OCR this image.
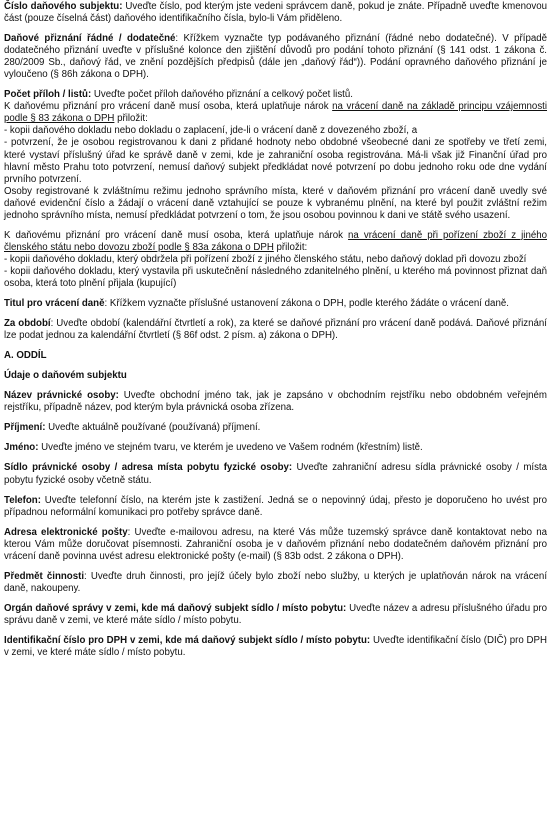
Číslo daňového subjektu: Uveďte číslo, pod kterým jste vedeni správcem daně, pokud je znáte. Případně uveďte kmenovou část (pouze číselná část) daňového identifikačního čísla, bylo-li Vám přiděleno.

Daňové přiznání řádné / dodatečné: Křížkem vyznačte typ podávaného přiznání (řádné nebo dodatečné). V případě dodatečného přiznání uveďte v příslušné kolonce den zjištění důvodů pro podání tohoto přiznání (§ 141 odst. 1 zákona č. 280/2009 Sb., daňový řád, ve znění pozdějších předpisů (dále jen „daňový řád“)). Podání opravného daňového přiznání je vyloučeno (§ 86h zákona o DPH).

Počet příloh / listů: Uveďte počet příloh daňového přiznání a celkový počet listů.

K daňovému přiznání pro vrácení daně musí osoba, která uplatňuje nárok na vrácení daně na základě principu vzájemnosti podle § 83 zákona o DPH přiložit:

- kopii daňového dokladu nebo dokladu o zaplacení, jde-li o vrácení daně z dovezeného zboží, a

- potvrzení, že je osobou registrovanou k dani z přidané hodnoty nebo obdobné všeobecné dani ze spotřeby ve třetí zemi, které vystaví příslušný úřad ke správě daně v zemi, kde je zahraniční osoba registrována. Má-li však již Finanční úřad pro hlavní město Prahu toto potvrzení, nemusí daňový subjekt předkládat nové potvrzení po dobu jednoho roku ode dne vydání prvního potvrzení.

Osoby registrované k zvláštnímu režimu jednoho správního místa, které v daňovém přiznání pro vrácení daně uvedly své daňové evidenční číslo a žádají o vrácení daně vztahující se pouze k vybranému plnění, na které byl použit zvláštní režim jednoho správního místa, nemusí předkládat potvrzení o tom, že jsou osobou povinnou k dani ve státě svého usazení.

K daňovému přiznání pro vrácení daně musí osoba, která uplatňuje nárok na vrácení daně při pořízení zboží z jiného členského státu nebo dovozu zboží podle § 83a zákona o DPH přiložit:

- kopii daňového dokladu, který obdržela při pořízení zboží z jiného členského státu, nebo daňový doklad při dovozu zboží

- kopii daňového dokladu, který vystavila při uskutečnění následného zdanitelného plnění, u kterého má povinnost přiznat daň osoba, která toto plnění přijala (kupující)

Titul pro vrácení daně: Křížkem vyznačte příslušné ustanovení zákona o DPH, podle kterého žádáte o vrácení daně.

Za období: Uveďte období (kalendářní čtvrtletí a rok), za které se daňové přiznání pro vrácení daně podává. Daňové přiznání lze podat jednou za kalendářní čtvrtletí (§ 86f odst. 2 písm. a) zákona o DPH).

A. ODDÍL

Údaje o daňovém subjektu

Název právnické osoby: Uveďte obchodní jméno tak, jak je zapsáno v obchodním rejstříku nebo obdobném veřejném rejstříku, případně název, pod kterým byla právnická osoba zřízena.

Příjmení: Uveďte aktuálně používané (používaná) příjmení.

Jméno: Uveďte jméno ve stejném tvaru, ve kterém je uvedeno ve Vašem rodném (křestním) listě.

Sídlo právnické osoby / adresa místa pobytu fyzické osoby: Uveďte zahraniční adresu sídla právnické osoby / místa pobytu fyzické osoby včetně státu.

Telefon: Uveďte telefonní číslo, na kterém jste k zastižení. Jedná se o nepovinný údaj, přesto je doporučeno ho uvést pro případnou neformální komunikaci pro potřeby správce daně.

Adresa elektronické pošty: Uveďte e-mailovou adresu, na které Vás může tuzemský správce daně kontaktovat nebo na kterou Vám může doručovat písemnosti. Zahraniční osoba je v daňovém přiznání nebo dodatečném daňovém přiznání pro vrácení daně povinna uvést adresu elektronické pošty (e-mail) (§ 83b odst. 2 zákona o DPH).

Předmět činnosti: Uveďte druh činnosti, pro jejíž účely bylo zboží nebo služby, u kterých je uplatňován nárok na vrácení daně, nakoupeny.

Orgán daňové správy v zemi, kde má daňový subjekt sídlo / místo pobytu: Uveďte název a adresu příslušného úřadu pro správu daně v zemi, ve které máte sídlo / místo pobytu.

Identifikační číslo pro DPH v zemi, kde má daňový subjekt sídlo / místo pobytu: Uveďte identifikační číslo (DIČ) pro DPH v zemi, ve které máte sídlo / místo pobytu.
